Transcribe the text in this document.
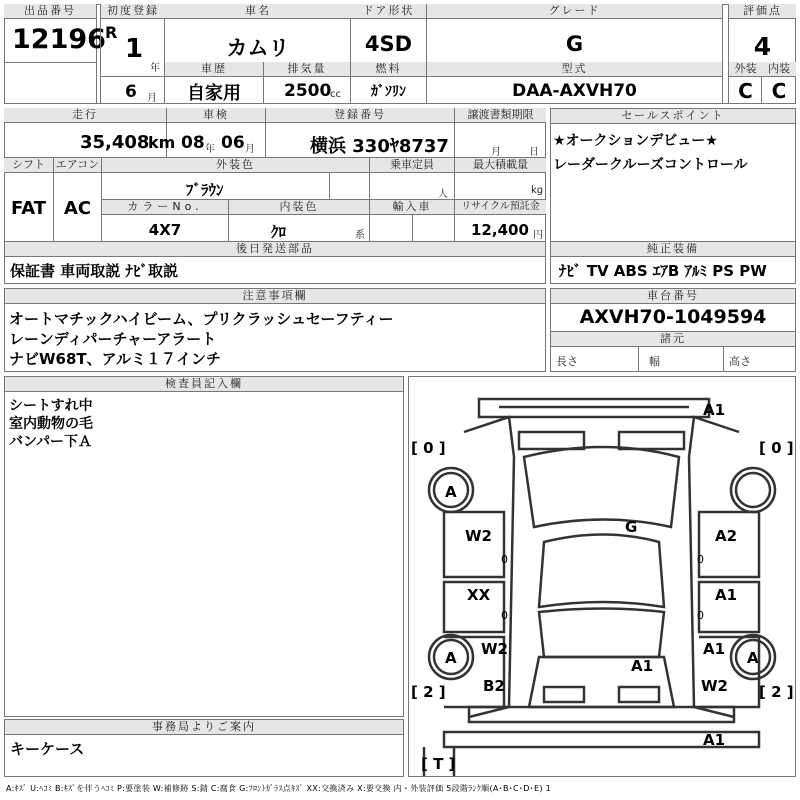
出品番号
12196
初度登録
R
1
年
6 月
車名
カムリ
ドア形状
4SD
グレード
G
評価点
4
車歴
自家用
排気量
2500
cc
燃料
ｶﾞｿﾘﾝ
型式
DAA-AXVH70
外装
C
内装
C
走行
35,408
km
車検
08 年 06 月
登録番号
横浜 330ﾔ8737
譲渡書類期限
月	日
セールスポイント
★オークションデビュー★
レーダークルーズコントロール
シフト
FAT
エアコン
AC
外装色
ﾌﾞﾗｳﾝ
乗車定員
人
最大積載量
kg
カラーNo.
4X7
内装色
ｸﾛ	系
輸入車	リサイクル預託金
12,400 円
後日発送部品
保証書 車両取説 ﾅﾋﾞ取説
純正装備
ﾅﾋﾞ TV ABS ｴｱB ｱﾙﾐ PS PW
注意事項欄
オートマチックハイビーム、プリクラッシュセーフティー
レーンディパーチャーアラート
ナビW68T、アルミ１７インチ
車台番号
AXVH70-1049594
諸元
長さ	幅	高さ
検査員記入欄
シートすれ中
室内動物の毛
バンパー下Ａ
事務局よりご案内
キーケース
[ 0 ]	[ 0 ]
[ 2 ]	[ 2 ]
[ T ]
A1
A
G
W2	A2
XX	A1
A	A
W2	A1
A1
B2	W2
A1
0
0
0
0
A:ｷｽﾞ U:ﾍｺﾐ B:ｷｽﾞを伴うﾍｺﾐ P:要塗装 W:補修跡 S:錆 C:腐食 G:ﾌﾛﾝﾄｶﾞﾗｽ点ｷｽﾞ XX:交換済み X:要交換 内・外装評価 5段階ﾗﾝｸ順(A･B･C･D･E) 1
